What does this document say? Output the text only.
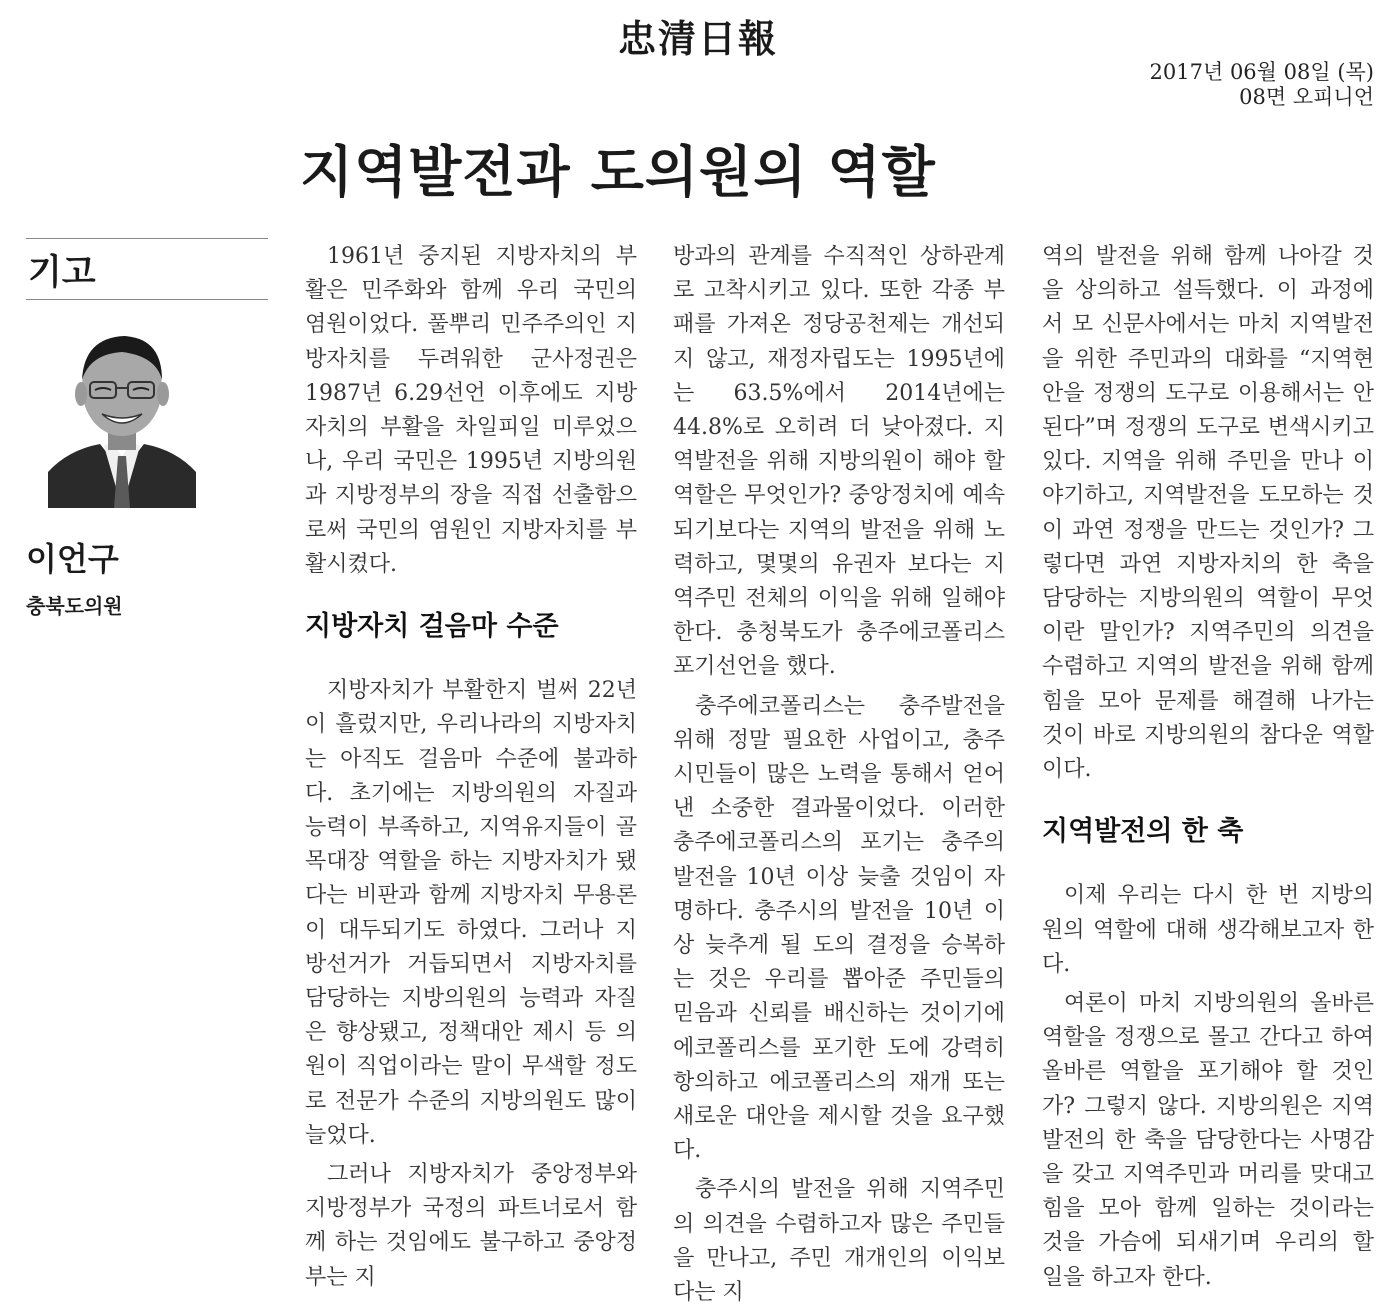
忠清日報
2017년 06월 08일 (목)
08면 오피니언
지역발전과 도의원의 역할
기고
이언구
충북도의원

1961년 중지된 지방자치의 부활은 민주화와 함께 우리 국민의 염원이었다. 풀뿌리 민주주의인 지방자치를 두려워한 군사정권은 1987년 6.29선언 이후에도 지방자치의 부활을 차일피일 미루었으나, 우리 국민은 1995년 지방의원과 지방정부의 장을 직접 선출함으로써 국민의 염원인 지방자치를 부활시켰다.

지방자치 걸음마 수준

지방자치가 부활한지 벌써 22년이 흘렀지만, 우리나라의 지방자치는 아직도 걸음마 수준에 불과하다. 초기에는 지방의원의 자질과 능력이 부족하고, 지역유지들이 골목대장 역할을 하는 지방자치가 됐다는 비판과 함께 지방자치 무용론이 대두되기도 하였다. 그러나 지방선거가 거듭되면서 지방자치를 담당하는 지방의원의 능력과 자질은 향상됐고, 정책대안 제시 등 의원이 직업이라는 말이 무색할 정도로 전문가 수준의 지방의원도 많이 늘었다.

그러나 지방자치가 중앙정부와 지방정부가 국정의 파트너로서 함께 하는 것임에도 불구하고 중앙정부는 지

방과의 관계를 수직적인 상하관계로 고착시키고 있다. 또한 각종 부패를 가져온 정당공천제는 개선되지 않고, 재정자립도는 1995년에는 63.5%에서 2014년에는 44.8%로 오히려 더 낮아졌다. 지역발전을 위해 지방의원이 해야 할 역할은 무엇인가? 중앙정치에 예속되기보다는 지역의 발전을 위해 노력하고, 몇몇의 유권자 보다는 지역주민 전체의 이익을 위해 일해야 한다. 충청북도가 충주에코폴리스 포기선언을 했다.

충주에코폴리스는 충주발전을 위해 정말 필요한 사업이고, 충주시민들이 많은 노력을 통해서 얻어낸 소중한 결과물이었다. 이러한 충주에코폴리스의 포기는 충주의 발전을 10년 이상 늦출 것임이 자명하다. 충주시의 발전을 10년 이상 늦추게 될 도의 결정을 승복하는 것은 우리를 뽑아준 주민들의 믿음과 신뢰를 배신하는 것이기에 에코폴리스를 포기한 도에 강력히 항의하고 에코폴리스의 재개 또는 새로운 대안을 제시할 것을 요구했다.

충주시의 발전을 위해 지역주민의 의견을 수렴하고자 많은 주민들을 만나고, 주민 개개인의 이익보다는 지

역의 발전을 위해 함께 나아갈 것을 상의하고 설득했다. 이 과정에서 모 신문사에서는 마치 지역발전을 위한 주민과의 대화를 “지역현안을 정쟁의 도구로 이용해서는 안된다”며 정쟁의 도구로 변색시키고 있다. 지역을 위해 주민을 만나 이야기하고, 지역발전을 도모하는 것이 과연 정쟁을 만드는 것인가? 그렇다면 과연 지방자치의 한 축을 담당하는 지방의원의 역할이 무엇이란 말인가? 지역주민의 의견을 수렴하고 지역의 발전을 위해 함께 힘을 모아 문제를 해결해 나가는 것이 바로 지방의원의 참다운 역할이다.

지역발전의 한 축

이제 우리는 다시 한 번 지방의원의 역할에 대해 생각해보고자 한다.

여론이 마치 지방의원의 올바른 역할을 정쟁으로 몰고 간다고 하여 올바른 역할을 포기해야 할 것인가? 그렇지 않다. 지방의원은 지역발전의 한 축을 담당한다는 사명감을 갖고 지역주민과 머리를 맞대고 힘을 모아 함께 일하는 것이라는 것을 가슴에 되새기며 우리의 할 일을 하고자 한다.
